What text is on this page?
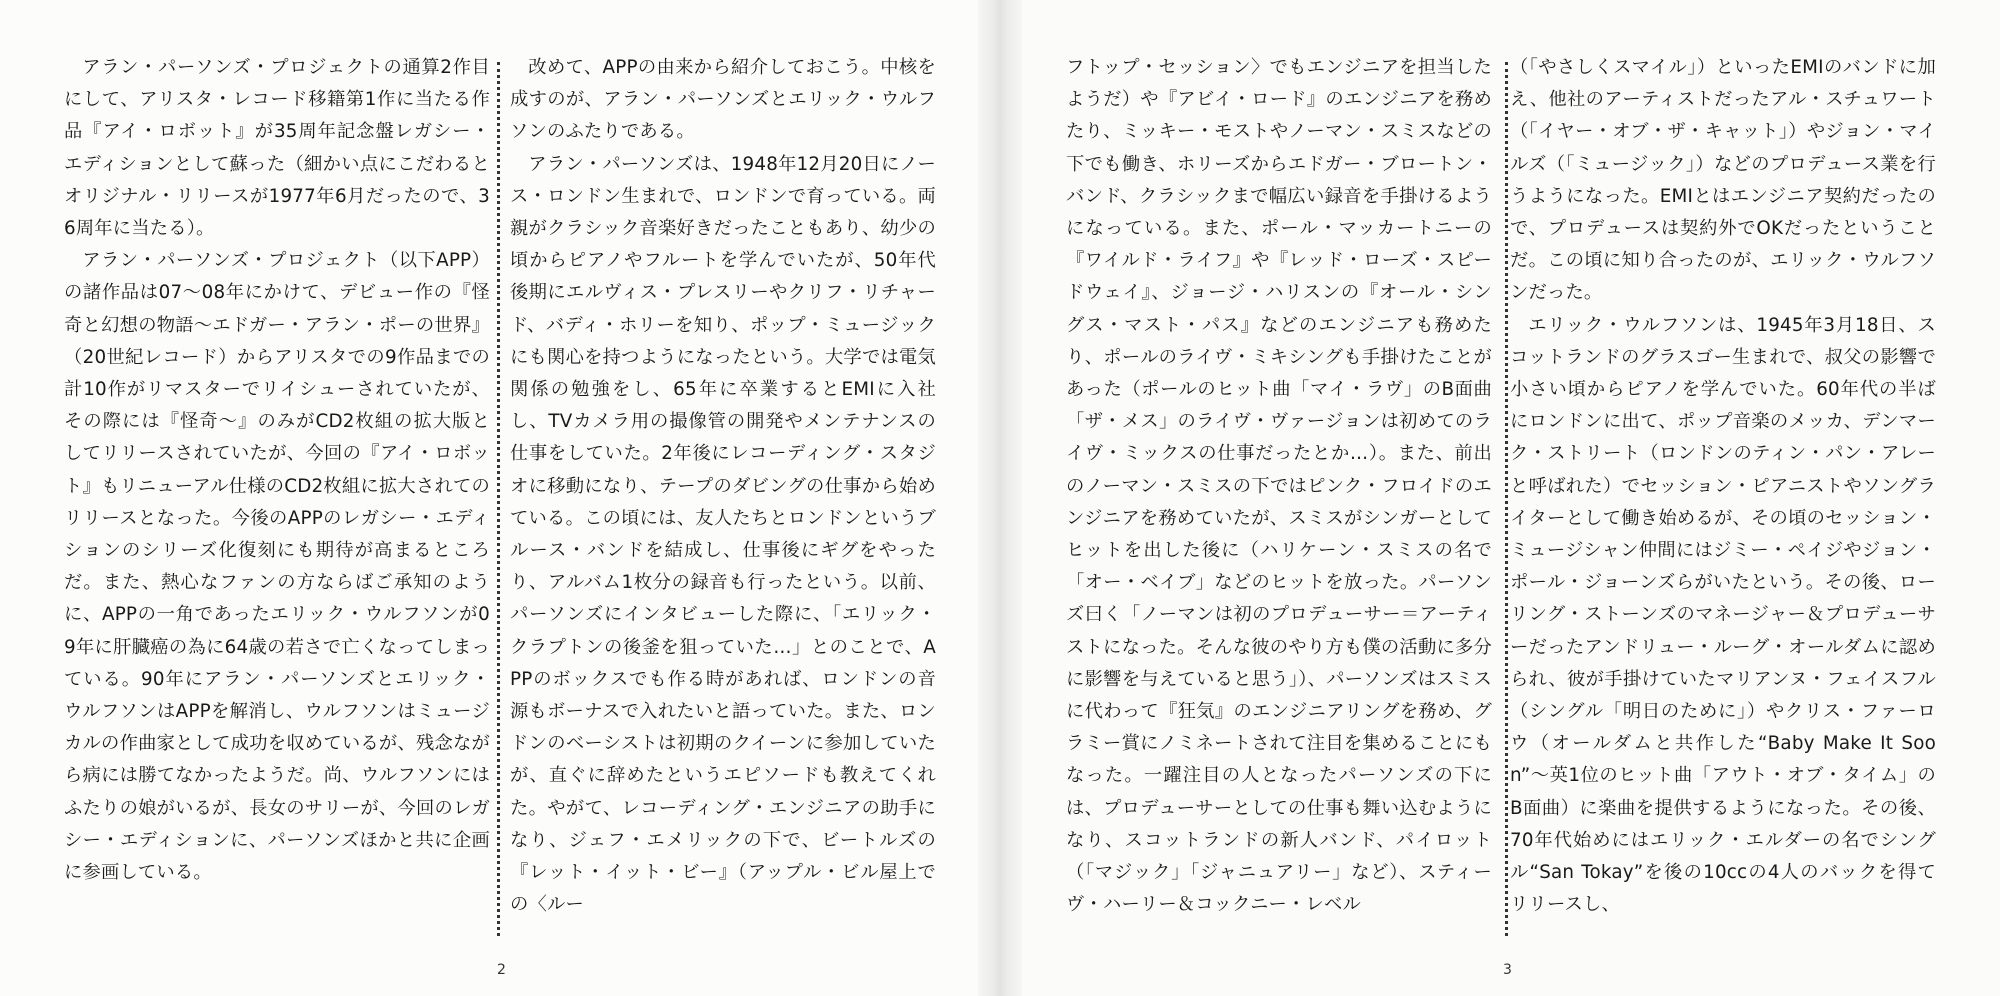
アラン・パーソンズ・プロジェクトの通算2作目にして、アリスタ・レコード移籍第1作に当たる作品『アイ・ロボット』が35周年記念盤レガシー・エディションとして蘇った（細かい点にこだわるとオリジナル・リリースが1977年6月だったので、36周年に当たる）。

アラン・パーソンズ・プロジェクト（以下APP）の諸作品は07〜08年にかけて、デビュー作の『怪奇と幻想の物語〜エドガー・アラン・ポーの世界』（20世紀レコード）からアリスタでの9作品までの計10作がリマスターでリイシューされていたが、その際には『怪奇〜』のみがCD2枚組の拡大版としてリリースされていたが、今回の『アイ・ロボット』もリニューアル仕様のCD2枚組に拡大されてのリリースとなった。今後のAPPのレガシー・エディションのシリーズ化復刻にも期待が高まるところだ。また、熱心なファンの方ならばご承知のように、APPの一角であったエリック・ウルフソンが09年に肝臓癌の為に64歳の若さで亡くなってしまっている。90年にアラン・パーソンズとエリック・ウルフソンはAPPを解消し、ウルフソンはミュージカルの作曲家として成功を収めているが、残念ながら病には勝てなかったようだ。尚、ウルフソンにはふたりの娘がいるが、長女のサリーが、今回のレガシー・エディションに、パーソンズほかと共に企画に参画している。

改めて、APPの由来から紹介しておこう。中核を成すのが、アラン・パーソンズとエリック・ウルフソンのふたりである。

アラン・パーソンズは、1948年12月20日にノース・ロンドン生まれで、ロンドンで育っている。両親がクラシック音楽好きだったこともあり、幼少の頃からピアノやフルートを学んでいたが、50年代後期にエルヴィス・プレスリーやクリフ・リチャード、バディ・ホリーを知り、ポップ・ミュージックにも関心を持つようになったという。大学では電気関係の勉強をし、65年に卒業するとEMIに入社し、TVカメラ用の撮像管の開発やメンテナンスの仕事をしていた。2年後にレコーディング・スタジオに移動になり、テープのダビングの仕事から始めている。この頃には、友人たちとロンドンというブルース・バンドを結成し、仕事後にギグをやったり、アルバム1枚分の録音も行ったという。以前、パーソンズにインタビューした際に、「エリック・クラプトンの後釜を狙っていた…」とのことで、APPのボックスでも作る時があれば、ロンドンの音源もボーナスで入れたいと語っていた。また、ロンドンのベーシストは初期のクイーンに参加していたが、直ぐに辞めたというエピソードも教えてくれた。やがて、レコーディング・エンジニアの助手になり、ジェフ・エメリックの下で、ビートルズの『レット・イット・ビー』（アップル・ビル屋上での〈ルー

2

フトップ・セッション〉でもエンジニアを担当したようだ）や『アビイ・ロード』のエンジニアを務めたり、ミッキー・モストやノーマン・スミスなどの下でも働き、ホリーズからエドガー・ブロートン・バンド、クラシックまで幅広い録音を手掛けるようになっている。また、ポール・マッカートニーの『ワイルド・ライフ』や『レッド・ローズ・スピードウェイ』、ジョージ・ハリスンの『オール・シングス・マスト・パス』などのエンジニアも務めたり、ポールのライヴ・ミキシングも手掛けたことがあった（ポールのヒット曲「マイ・ラヴ」のB面曲「ザ・メス」のライヴ・ヴァージョンは初めてのライヴ・ミックスの仕事だったとか…）。また、前出のノーマン・スミスの下ではピンク・フロイドのエンジニアを務めていたが、スミスがシンガーとしてヒットを出した後に（ハリケーン・スミスの名で「オー・ベイブ」などのヒットを放った。パーソンズ曰く「ノーマンは初のプロデューサー＝アーティストになった。そんな彼のやり方も僕の活動に多分に影響を与えていると思う」）、パーソンズはスミスに代わって『狂気』のエンジニアリングを務め、グラミー賞にノミネートされて注目を集めることにもなった。一躍注目の人となったパーソンズの下には、プロデューサーとしての仕事も舞い込むようになり、スコットランドの新人バンド、パイロット（「マジック」「ジャニュアリー」など）、スティーヴ・ハーリー＆コックニー・レベル

（「やさしくスマイル」）といったEMIのバンドに加え、他社のアーティストだったアル・スチュワート（「イヤー・オブ・ザ・キャット」）やジョン・マイルズ（「ミュージック」）などのプロデュース業を行うようになった。EMIとはエンジニア契約だったので、プロデュースは契約外でOKだったということだ。この頃に知り合ったのが、エリック・ウルフソンだった。

エリック・ウルフソンは、1945年3月18日、スコットランドのグラスゴー生まれで、叔父の影響で小さい頃からピアノを学んでいた。60年代の半ばにロンドンに出て、ポップ音楽のメッカ、デンマーク・ストリート（ロンドンのティン・パン・アレーと呼ばれた）でセッション・ピアニストやソングライターとして働き始めるが、その頃のセッション・ミュージシャン仲間にはジミー・ペイジやジョン・ポール・ジョーンズらがいたという。その後、ローリング・ストーンズのマネージャー＆プロデューサーだったアンドリュー・ルーグ・オールダムに認められ、彼が手掛けていたマリアンヌ・フェイスフル（シングル「明日のために」）やクリス・ファーロウ（オールダムと共作した“Baby Make It Soon”〜英1位のヒット曲「アウト・オブ・タイム」のB面曲）に楽曲を提供するようになった。その後、70年代始めにはエリック・エルダーの名でシングル“San Tokay”を後の10ccの4人のバックを得てリリースし、

3
